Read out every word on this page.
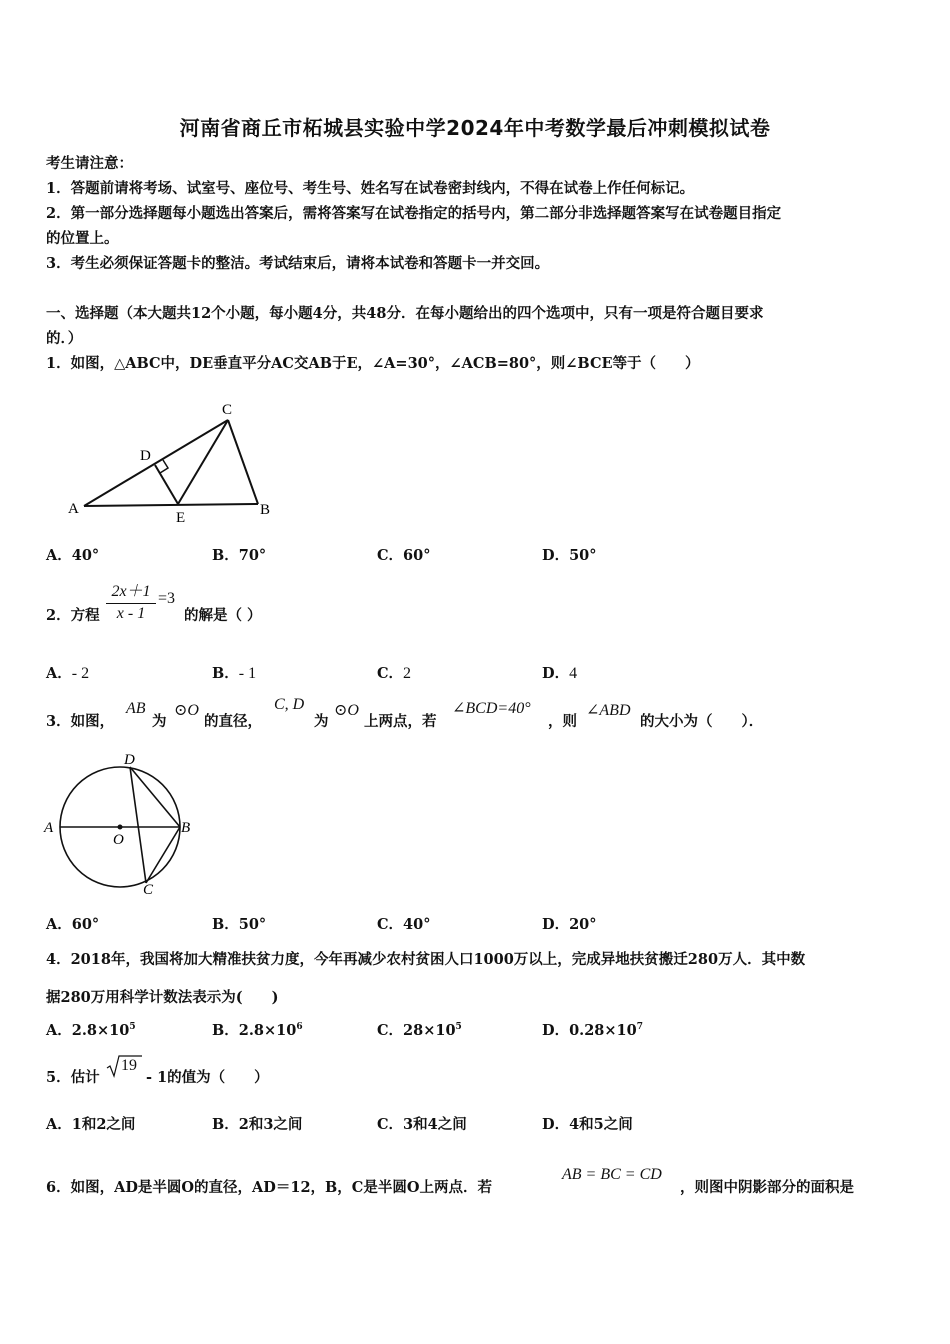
河南省商丘市柘城县实验中学2024年中考数学最后冲刺模拟试卷
考生请注意：
1．答题前请将考场、试室号、座位号、考生号、姓名写在试卷密封线内，不得在试卷上作任何标记。
2．第一部分选择题每小题选出答案后，需将答案写在试卷指定的括号内，第二部分非选择题答案写在试卷题目指定
的位置上。
3．考生必须保证答题卡的整洁。考试结束后，请将本试卷和答题卡一并交回。
一、选择题（本大题共12个小题，每小题4分，共48分．在每小题给出的四个选项中，只有一项是符合题目要求
的．）
1．如图，△ABC中，DE垂直平分AC交AB于E，∠A=30°，∠ACB=80°，则∠BCE等于（　　）
A	B
C
D
E
A．40°	B．70°	C．60°	D．50°
2．方程 $\frac{2x+1}{x - 1} =3$
的解是（ ）
A．- 2	B．- 1	C．2	D．4
3．如图，
AB
为
⊙O
的直径，
C, D
为
⊙O
上两点，若
∠BCD=40°
，则
∠ABD
的大小为（　　）．
A	B
C
D
O
A．60°	B．50°	C．40°	D．20°
4．2018年，我国将加大精准扶贫力度，今年再减少农村贫困人口1000万以上，完成异地扶贫搬迁280万人．其中数
据280万用科学计数法表示为(　　)
A．$2.8\times 10^5$	B．$2.8\times 10^6$	C．$28\times 10^5$	D．$0.28\times 10^7$
5．估计
19
- 1的值为（　　）
A．1和2之间	B．2和3之间	C．3和4之间	D．4和5之间
6．如图，AD是半圆O的直径，AD＝12，B，C是半圆O上两点．若
AB = BC = CD
，则图中阴影部分的面积是
